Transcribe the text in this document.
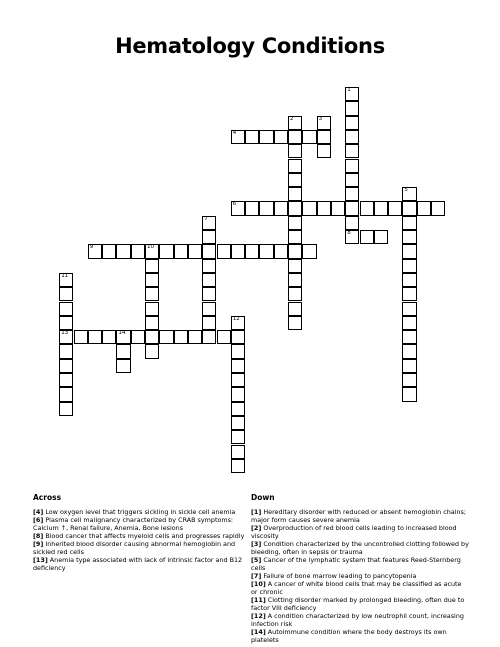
Hematology Conditions
4
6
8
9	10
13	14
1
2	3
5
7
11
12
Across
[4] Low oxygen level that triggers sickling in sickle cell anemia
[6] Plasma cell malignancy characterized by CRAB symptoms: Calcium ↑, Renal failure, Anemia, Bone lesions
[8] Blood cancer that affects myeloid cells and progresses rapidly
[9] Inherited blood disorder causing abnormal hemoglobin and sickled red cells
[13] Anemia type associated with lack of intrinsic factor and B12 deficiency
Down
[1] Hereditary disorder with reduced or absent hemoglobin chains; major form causes severe anemia
[2] Overproduction of red blood cells leading to increased blood viscosity
[3] Condition characterized by the uncontrolled clotting followed by bleeding, often in sepsis or trauma
[5] Cancer of the lymphatic system that features Reed-Sternberg cells
[7] Failure of bone marrow leading to pancytopenia
[10] A cancer of white blood cells that may be classified as acute or chronic
[11] Clotting disorder marked by prolonged bleeding, often due to factor VIII deficiency
[12] A condition characterized by low neutrophil count, increasing infection risk
[14] Autoimmune condition where the body destroys its own platelets
